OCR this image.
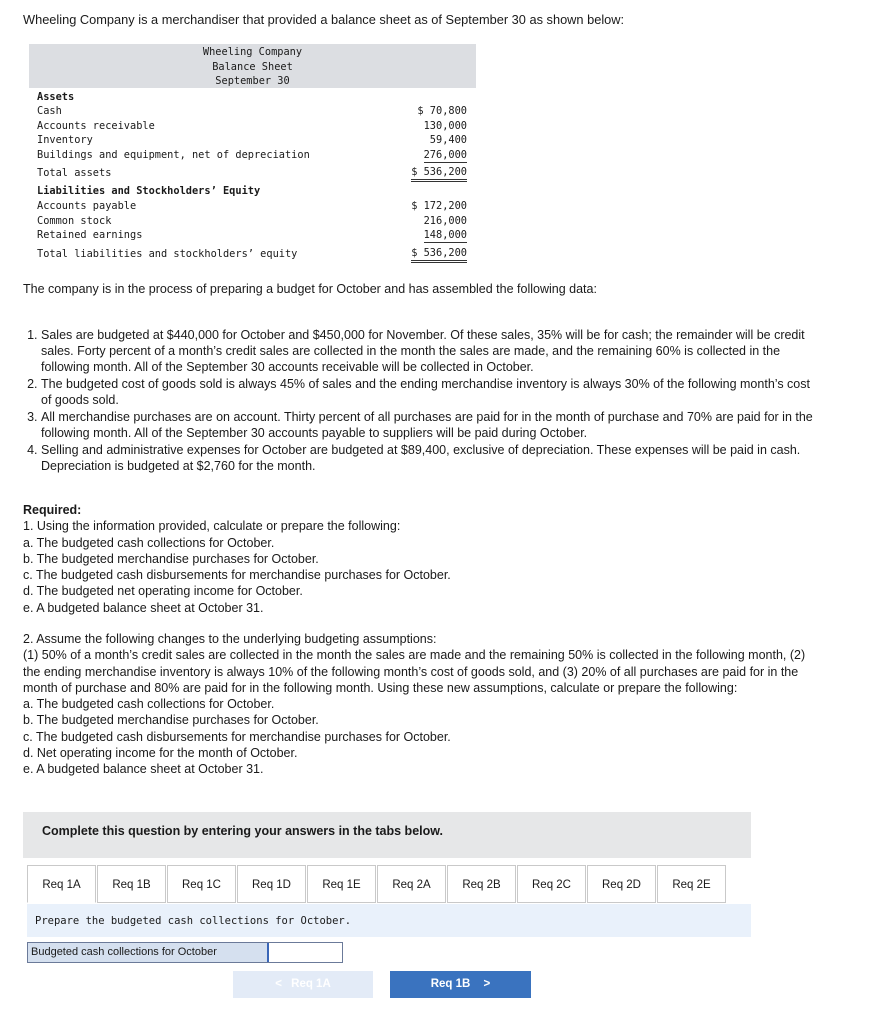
Wheeling Company is a merchandiser that provided a balance sheet as of September 30 as shown below:
Wheeling Company
Balance Sheet
September 30
Assets
Cash	$ 70,800
Accounts receivable	130,000
Inventory	59,400
Buildings and equipment, net of depreciation	276,000
Total assets	$ 536,200
Liabilities and Stockholders’ Equity
Accounts payable	$ 172,200
Common stock	216,000
Retained earnings	148,000
Total liabilities and stockholders’ equity	$ 536,200
The company is in the process of preparing a budget for October and has assembled the following data:
1. Sales are budgeted at $440,000 for October and $450,000 for November. Of these sales, 35% will be for cash; the remainder will be credit sales. Forty percent of a month’s credit sales are collected in the month the sales are made, and the remaining 60% is collected in the following month. All of the September 30 accounts receivable will be collected in October.
2. The budgeted cost of goods sold is always 45% of sales and the ending merchandise inventory is always 30% of the following month’s cost of goods sold.
3. All merchandise purchases are on account. Thirty percent of all purchases are paid for in the month of purchase and 70% are paid for in the following month. All of the September 30 accounts payable to suppliers will be paid during October.
4. Selling and administrative expenses for October are budgeted at $89,400, exclusive of depreciation. These expenses will be paid in cash. Depreciation is budgeted at $2,760 for the month.
Required:
1. Using the information provided, calculate or prepare the following:
a. The budgeted cash collections for October.
b. The budgeted merchandise purchases for October.
c. The budgeted cash disbursements for merchandise purchases for October.
d. The budgeted net operating income for October.
e. A budgeted balance sheet at October 31.
2. Assume the following changes to the underlying budgeting assumptions:
(1) 50% of a month’s credit sales are collected in the month the sales are made and the remaining 50% is collected in the following month, (2) the ending merchandise inventory is always 10% of the following month’s cost of goods sold, and (3) 20% of all purchases are paid for in the month of purchase and 80% are paid for in the following month. Using these new assumptions, calculate or prepare the following:
a. The budgeted cash collections for October.
b. The budgeted merchandise purchases for October.
c. The budgeted cash disbursements for merchandise purchases for October.
d. Net operating income for the month of October.
e. A budgeted balance sheet at October 31.
Complete this question by entering your answers in the tabs below.
Req 1A	Req 1B	Req 1C	Req 1D	Req 1E	Req 2A	Req 2B	Req 2C	Req 2D	Req 2E
Prepare the budgeted cash collections for October.
Budgeted cash collections for October
< Req 1A	Req 1B >
